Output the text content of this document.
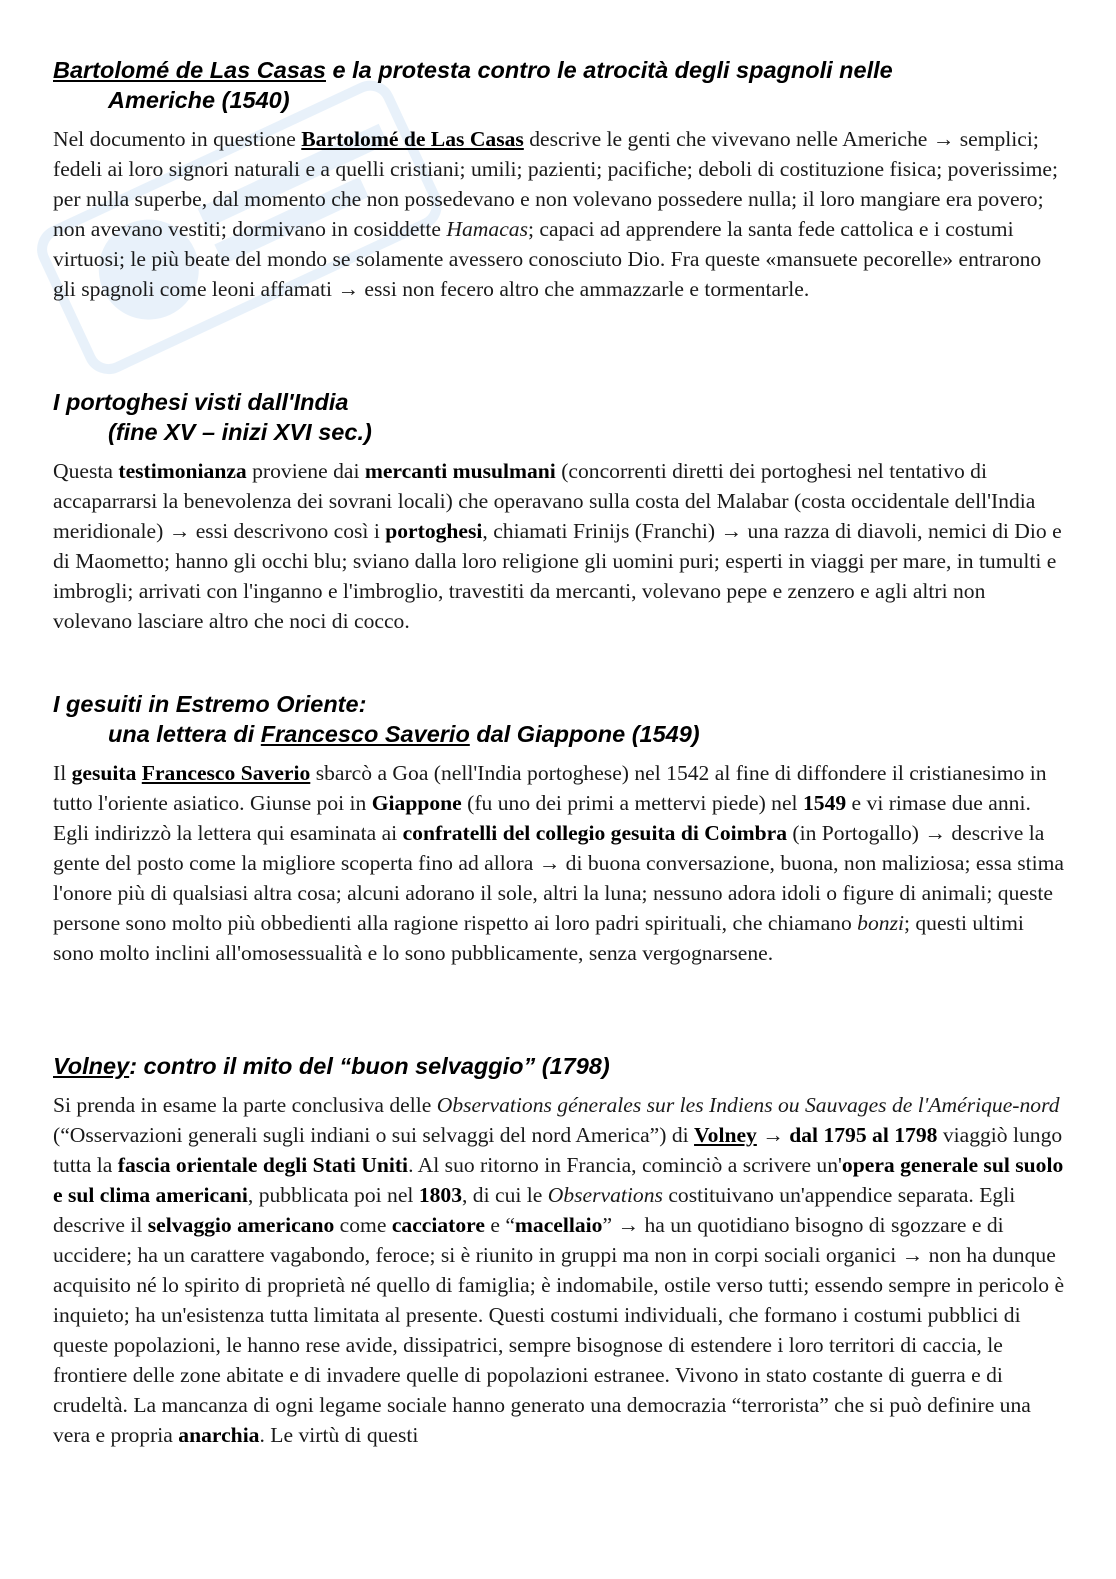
Bartolomé de Las Casas e la protesta contro le atrocità degli spagnoli nelle
Americhe (1540)

Nel documento in questione Bartolomé de Las Casas descrive le genti che vivevano nelle Americhe → semplici; fedeli ai loro signori naturali e a quelli cristiani; umili; pazienti; pacifiche; deboli di costituzione fisica; poverissime; per nulla superbe, dal momento che non possedevano e non volevano possedere nulla; il loro mangiare era povero; non avevano vestiti; dormivano in cosiddette Hamacas; capaci ad apprendere la santa fede cattolica e i costumi virtuosi; le più beate del mondo se solamente avessero conosciuto Dio. Fra queste «mansuete pecorelle» entrarono gli spagnoli come leoni affamati → essi non fecero altro che ammazzarle e tormentarle.

I portoghesi visti dall'India
(fine XV – inizi XVI sec.)

Questa testimonianza proviene dai mercanti musulmani (concorrenti diretti dei portoghesi nel tentativo di accaparrarsi la benevolenza dei sovrani locali) che operavano sulla costa del Malabar (costa occidentale dell'India meridionale) → essi descrivono così i portoghesi, chiamati Frinijs (Franchi) → una razza di diavoli, nemici di Dio e di Maometto; hanno gli occhi blu; sviano dalla loro religione gli uomini puri; esperti in viaggi per mare, in tumulti e imbrogli; arrivati con l'inganno e l'imbroglio, travestiti da mercanti, volevano pepe e zenzero e agli altri non volevano lasciare altro che noci di cocco.

I gesuiti in Estremo Oriente:
una lettera di Francesco Saverio dal Giappone (1549)

Il gesuita Francesco Saverio sbarcò a Goa (nell'India portoghese) nel 1542 al fine di diffondere il cristianesimo in tutto l'oriente asiatico. Giunse poi in Giappone (fu uno dei primi a mettervi piede) nel 1549 e vi rimase due anni. Egli indirizzò la lettera qui esaminata ai confratelli del collegio gesuita di Coimbra (in Portogallo) → descrive la gente del posto come la migliore scoperta fino ad allora → di buona conversazione, buona, non maliziosa; essa stima l'onore più di qualsiasi altra cosa; alcuni adorano il sole, altri la luna; nessuno adora idoli o figure di animali; queste persone sono molto più obbedienti alla ragione rispetto ai loro padri spirituali, che chiamano bonzi; questi ultimi sono molto inclini all'omosessualità e lo sono pubblicamente, senza vergognarsene.

Volney: contro il mito del “buon selvaggio” (1798)

Si prenda in esame la parte conclusiva delle Observations génerales sur les Indiens ou Sauvages de l'Amérique-nord (“Osservazioni generali sugli indiani o sui selvaggi del nord America”) di Volney → dal 1795 al 1798 viaggiò lungo tutta la fascia orientale degli Stati Uniti. Al suo ritorno in Francia, cominciò a scrivere un'opera generale sul suolo e sul clima americani, pubblicata poi nel 1803, di cui le Observations costituivano un'appendice separata. Egli descrive il selvaggio americano come cacciatore e “macellaio” → ha un quotidiano bisogno di sgozzare e di uccidere; ha un carattere vagabondo, feroce; si è riunito in gruppi ma non in corpi sociali organici → non ha dunque acquisito né lo spirito di proprietà né quello di famiglia; è indomabile, ostile verso tutti; essendo sempre in pericolo è inquieto; ha un'esistenza tutta limitata al presente. Questi costumi individuali, che formano i costumi pubblici di queste popolazioni, le hanno rese avide, dissipatrici, sempre bisognose di estendere i loro territori di caccia, le frontiere delle zone abitate e di invadere quelle di popolazioni estranee. Vivono in stato costante di guerra e di crudeltà. La mancanza di ogni legame sociale hanno generato una democrazia “terrorista” che si può definire una vera e propria anarchia. Le virtù di questi
